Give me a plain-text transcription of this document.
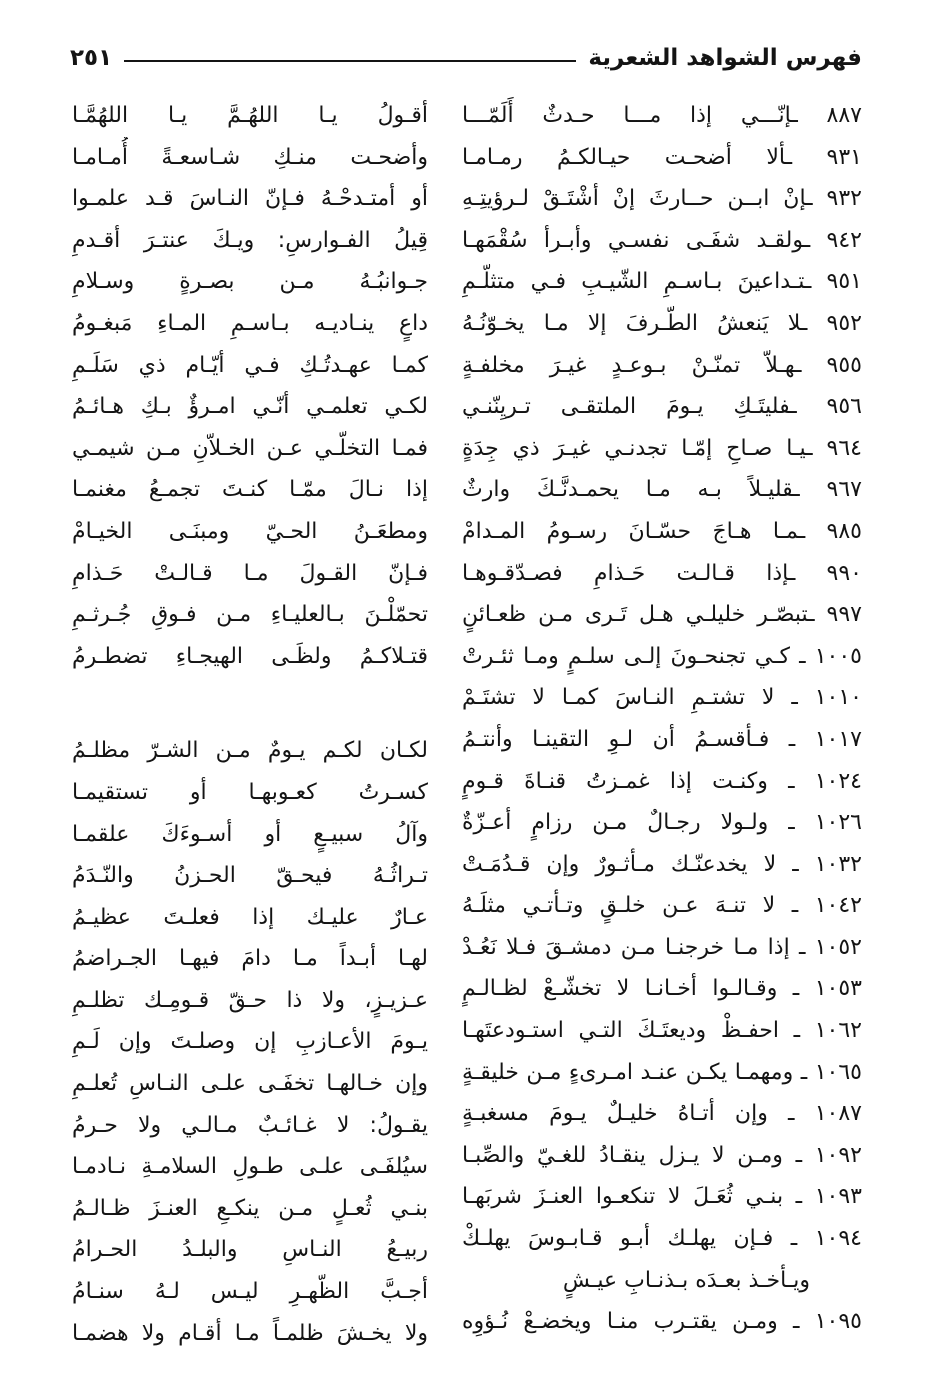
فهرس الشواهد الشعرية
٢٥١
٨٨٧ ـإنّـــي إذا مـــا حـدثٌ أَلَمّـــا
٩٣١ ـألا أضحـت حيـالكـمُ رمـامـا
٩٣٢ ـإنْ ابــن حــارثَ إنْ أشْتَـقْ لـرؤيتِـهِ
٩٤٢ ـولقـد شفَـى نفسـي وأبـرأ سُقْمَهـا
٩٥١ ـتـداعينَ بـاسـمِ الشّيـبِ فـي متثلّـمِ
٩٥٢ ـلا يَنعشُ الطّـرفَ إلا مـا يخـوّنُـهُ
٩٥٥ ـهـلاّ تمنّـنْ بـوعـدٍ غيـرَ مخلفـةٍ
٩٥٦ ـفليتَـكِ يـومَ الملتقـى تـريِنّنـي
٩٦٤ ـيـا صـاحِ إمّـا تجدنـي غيـرَ ذي جِدَةٍ
٩٦٧ ـقليـلاً بـه مـا يحمـدنَّـكَ وارثٌ
٩٨٥ ـمـا هـاجَ حسّـانَ رسـومُ المـدامْ
٩٩٠ ـإذا قـالـت حَـذامِ فصـدّقـوهـا
٩٩٧ ـتبصّـر خليلـي هـل تَـرى مـن ظعـائنٍ
١٠٠٥ ـ كـي تجنحـونَ إلـى سلـمٍ ومـا ثئـرتْ
١٠١٠ ـ لا تشتـمِ النـاسَ كمـا لا تشتَـمْ
١٠١٧ ـ فـأقسـمُ أن لـوِ التقينـا وأنتـمُ
١٠٢٤ ـ وكنـت إذا غمـزتُ قنـاةَ قـومٍ
١٠٢٦ ـ ولـولا رجـالٌ مـن رزامٍ أعـزّةٌ
١٠٣٢ ـ لا يخدعنّـك مـأثـورٌ وإن قـدُمَـتْ
١٠٤٢ ـ لا تنـهَ عـن خلـقٍ وتـأتـي مثلَـهُ
١٠٥٢ ـ إذا مـا خرجنـا مـن دمشـقَ فـلا نَعُـدْ
١٠٥٣ ـ وقـالـوا أخـانـا لا تخشّـعْ لظـالـمٍ
١٠٦٢ ـ احفـظْ وديعتَـكَ التـي استـودعتَهـا
١٠٦٥ ـ ومهمـا يكـن عنـد امـرىءٍ مـن خليقـةٍ
١٠٨٧ ـ وإن أتـاهُ خليـلٌ يـومَ مسغبـةٍ
١٠٩٢ ـ ومـن لا يـزل ينقـادُ للغـيّ والصِّبـا
١٠٩٣ ـ بنـي ثُعَـلَ لا تنكعـوا العنـزَ شربَهـا
١٠٩٤ ـ فـإن يهلـك أبـو قـابـوسَ يهلـكْ
ويـأخـذ بعـدَه بـذنـابِ عيـشٍ
١٠٩٥ ـ ومـن يقتـرب منـا ويخضـعْ نُـؤوِه
أقـولُ يـا اللهُـمَّ يـا اللهُمَّـا
وأضحـت منـكِ شـاسعـةً أُمـامـا
أو أمتـدحْـهُ فـإنّ النـاسَ قـد علمـوا
قِيلُ الفـوارسِ: ويـكَ عنتـرَ أقـدمِ
جـوانبُـهُ مـن بصـرةٍ وسـلامِ
داعٍ ينـاديـه بـاسـمِ المـاءِ مَبغـومُ
كمـا عهـدتُـكِ فـي أيّـام ذي سَلَـمِ
لكـي تعلمـي أنّـي امـرؤٌ بـكِ هـائـمُ
فمـا التخلّـي عـن الخـلاّنِ مـن شيمـي
إذا نـالَ ممّـا كنـتَ تجمـعُ مغنمـا
ومطعَـنُ الحـيّ ومبنَـى الخيـامْ
فـإنّ القـولَ مـا قـالـتْ حَـذامِ
تحمّلْـنَ بـالعليـاءِ مـن فـوقِ جُـرثـمِ
قتـلاكـمُ ولظَـى الهيجـاءِ تضطـرمُ
لكـان لكـم يـومٌ مـن الشـرّ مظلـمُ
كسـرتُ كعـوبهـا أو تستقيمـا
وآلُ سبيـعٍ أو أسـوءَكَ علقمـا
تـراثُـهُ فيحـقّ الحـزنُ والنّـدَمُ
عـارٌ عليـك إذا فعلـتَ عظيـمُ
لهـا أبـداً مـا دامَ فيهـا الجـراضمُ
عـزيـزٍ، ولا ذا حـقّ قـومِـك تظلـمِ
يـومَ الأعـازبِ إن وصلـتَ وإن لَـمِ
وإن خـالهـا تخفَـى علـى النـاسِ تُعلـمِ
يقـولُ: لا غـائـبٌ مـالـي ولا حـرمُ
سيُلفَـى علـى طـولِ السلامـةِ نـادمـا
بنـي ثُعـلٍ مـن ينكـعِ العنـزَ ظـالـمُ
ربيـعُ النـاسِ والبلـدُ الحـرامُ
أجـبَّ الظّهـرِ ليـس لـهُ سنـامُ
ولا يخـشَ ظلمـاً مـا أقـام ولا هضمـا
